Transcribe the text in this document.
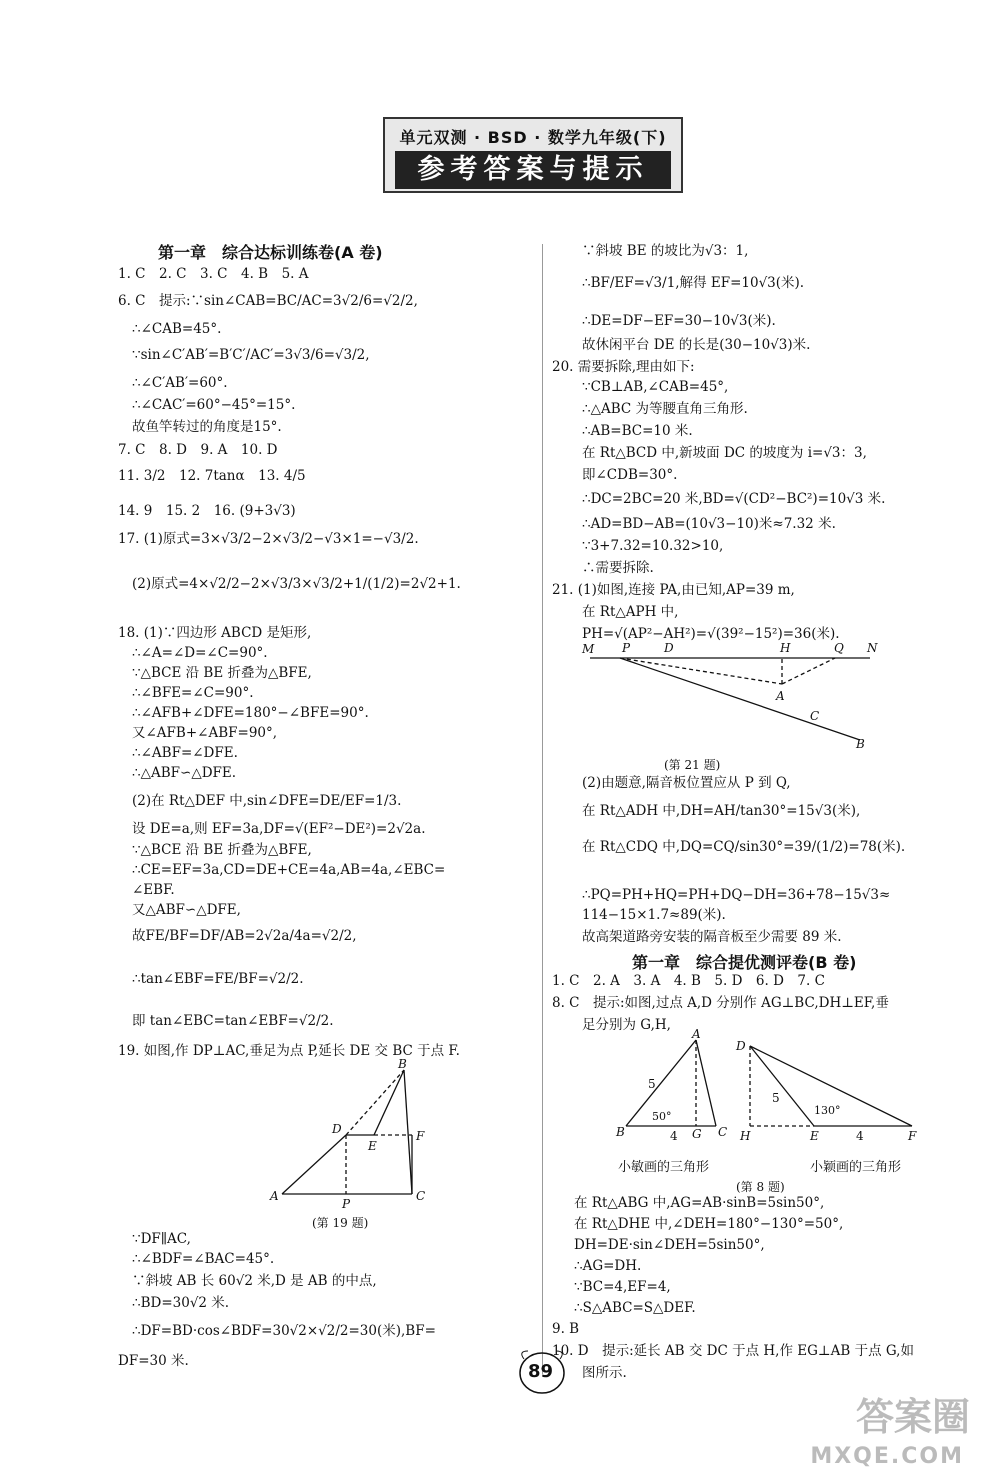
单元双测 · BSD · 数学九年级(下)
参考答案与提示
第一章　综合达标训练卷(A 卷)
1. C　2. C　3. C　4. B　5. A
6. C　提示:∵sin∠CAB=BC/AC=3√2/6=√2/2,
∴∠CAB=45°.
∵sin∠C′AB′=B′C′/AC′=3√3/6=√3/2,
∴∠C′AB′=60°.
∴∠CAC′=60°−45°=15°.
故鱼竿转过的角度是15°.
7. C　8. D　9. A　10. D
11. 3/2　12. 7tanα　13. 4/5
14. 9　15. 2　16. (9+3√3)
17. (1)原式=3×√3/2−2×√3/2−√3×1=−√3/2.
(2)原式=4×√2/2−2×√3/3×√3/2+1/(1/2)=2√2+1.
18. (1)∵四边形 ABCD 是矩形,
∴∠A=∠D=∠C=90°.
∵△BCE 沿 BE 折叠为△BFE,
∴∠BFE=∠C=90°.
∴∠AFB+∠DFE=180°−∠BFE=90°.
又∠AFB+∠ABF=90°,
∴∠ABF=∠DFE.
∴△ABF∽△DFE.
(2)在 Rt△DEF 中,sin∠DFE=DE/EF=1/3.
设 DE=a,则 EF=3a,DF=√(EF²−DE²)=2√2a.
∵△BCE 沿 BE 折叠为△BFE,
∴CE=EF=3a,CD=DE+CE=4a,AB=4a,∠EBC=
∠EBF.
又△ABF∽△DFE,
故FE/BF=DF/AB=2√2a/4a=√2/2,
∴tan∠EBF=FE/BF=√2/2.
即 tan∠EBC=tan∠EBF=√2/2.
19. 如图,作 DP⊥AC,垂足为点 P,延长 DE 交 BC 于点 F.
∵DF∥AC,
∴∠BDF=∠BAC=45°.
∵斜坡 AB 长 60√2 米,D 是 AB 的中点,
∴BD=30√2 米.
∴DF=BD·cos∠BDF=30√2×√2/2=30(米),BF=
DF=30 米.
∵斜坡 BE 的坡比为√3：1,
∴BF/EF=√3/1,解得 EF=10√3(米).
∴DE=DF−EF=30−10√3(米).
故休闲平台 DE 的长是(30−10√3)米.
20. 需要拆除,理由如下:
∵CB⊥AB,∠CAB=45°,
∴△ABC 为等腰直角三角形.
∴AB=BC=10 米.
在 Rt△BCD 中,新坡面 DC 的坡度为 i=√3：3,
即∠CDB=30°.
∴DC=2BC=20 米,BD=√(CD²−BC²)=10√3 米.
∴AD=BD−AB=(10√3−10)米≈7.32 米.
∵3+7.32=10.32>10,
∴需要拆除.
21. (1)如图,连接 PA,由已知,AP=39 m,
在 Rt△APH 中,
PH=√(AP²−AH²)=√(39²−15²)=36(米).
(2)由题意,隔音板位置应从 P 到 Q,
在 Rt△ADH 中,DH=AH/tan30°=15√3(米),
在 Rt△CDQ 中,DQ=CQ/sin30°=39/(1/2)=78(米).
∴PQ=PH+HQ=PH+DQ−DH=36+78−15√3≈
114−15×1.7≈89(米).
故高架道路旁安装的隔音板至少需要 89 米.
第一章　综合提优测评卷(B 卷)
1. C　2. A　3. A　4. B　5. D　6. D　7. C
8. C　提示:如图,过点 A,D 分别作 AG⊥BC,DH⊥EF,垂
足分别为 G,H,
在 Rt△ABG 中,AG=AB·sinB=5sin50°,
在 Rt△DHE 中,∠DEH=180°−130°=50°,
DH=DE·sin∠DEH=5sin50°,
∴AG=DH.
∵BC=4,EF=4,
∴S△ABC=S△DEF.
9. B
10. D　提示:延长 AB 交 DC 于点 H,作 EG⊥AB 于点 G,如
图所示.
A
B
C
D
E
F
P
(第 19 题)
M P	D	H	Q N
A
C
B
(第 21 题)
A
B	G C
5
4
50°
D
H	E	F
5
4
130°
小敏画的三角形	小颖画的三角形
(第 8 题)
89
答案圈
MXQE.COM
